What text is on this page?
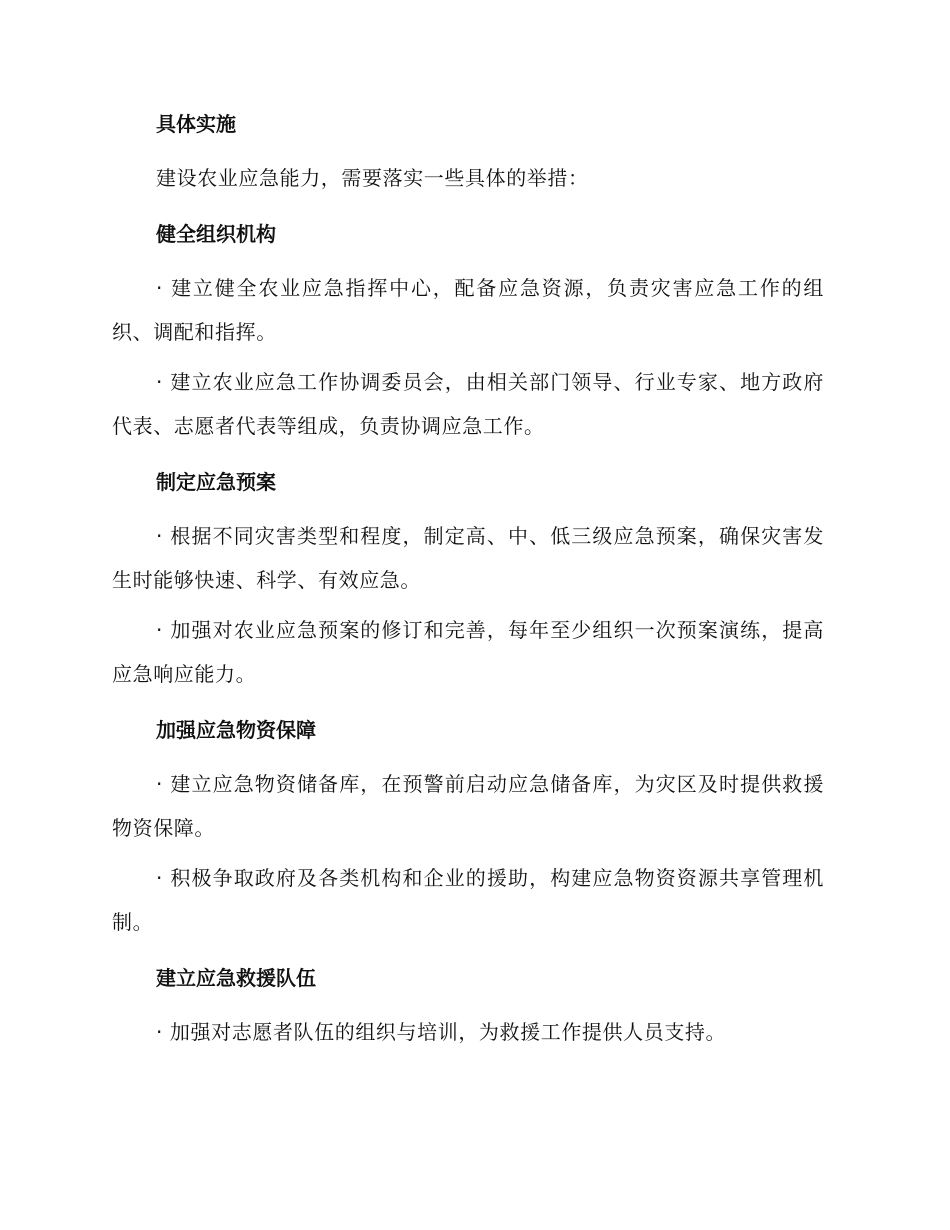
具体实施

建设农业应急能力，需要落实一些具体的举措：

健全组织机构

· 建立健全农业应急指挥中心，配备应急资源，负责灾害应急工作的组织、调配和指挥。

· 建立农业应急工作协调委员会，由相关部门领导、行业专家、地方政府代表、志愿者代表等组成，负责协调应急工作。

制定应急预案

· 根据不同灾害类型和程度，制定高、中、低三级应急预案，确保灾害发生时能够快速、科学、有效应急。

· 加强对农业应急预案的修订和完善，每年至少组织一次预案演练，提高应急响应能力。

加强应急物资保障

· 建立应急物资储备库，在预警前启动应急储备库，为灾区及时提供救援物资保障。

· 积极争取政府及各类机构和企业的援助，构建应急物资资源共享管理机制。

建立应急救援队伍

· 加强对志愿者队伍的组织与培训，为救援工作提供人员支持。
